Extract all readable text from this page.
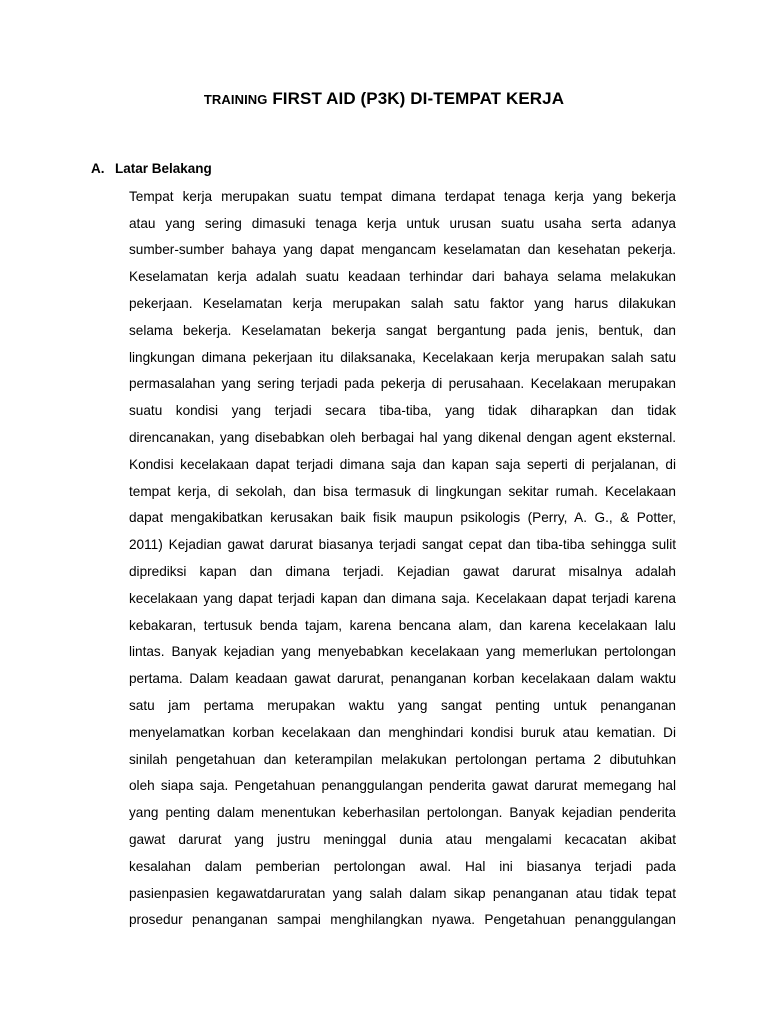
TRAINING FIRST AID (P3K) DI-TEMPAT KERJA
A. Latar Belakang
Tempat kerja merupakan suatu tempat dimana terdapat tenaga kerja yang bekerja
atau yang sering dimasuki tenaga kerja untuk urusan suatu usaha serta adanya
sumber-sumber bahaya yang dapat mengancam keselamatan dan kesehatan pekerja.
Keselamatan kerja adalah suatu keadaan terhindar dari bahaya selama melakukan
pekerjaan. Keselamatan kerja merupakan salah satu faktor yang harus dilakukan
selama bekerja. Keselamatan bekerja sangat bergantung pada jenis, bentuk, dan
lingkungan dimana pekerjaan itu dilaksanaka, Kecelakaan kerja merupakan salah satu
permasalahan yang sering terjadi pada pekerja di perusahaan. Kecelakaan merupakan
suatu kondisi yang terjadi secara tiba-tiba, yang tidak diharapkan dan tidak
direncanakan, yang disebabkan oleh berbagai hal yang dikenal dengan agent eksternal.
Kondisi kecelakaan dapat terjadi dimana saja dan kapan saja seperti di perjalanan, di
tempat kerja, di sekolah, dan bisa termasuk di lingkungan sekitar rumah. Kecelakaan
dapat mengakibatkan kerusakan baik fisik maupun psikologis (Perry, A. G., & Potter,
2011) Kejadian gawat darurat biasanya terjadi sangat cepat dan tiba-tiba sehingga sulit
diprediksi kapan dan dimana terjadi. Kejadian gawat darurat misalnya adalah
kecelakaan yang dapat terjadi kapan dan dimana saja. Kecelakaan dapat terjadi karena
kebakaran, tertusuk benda tajam, karena bencana alam, dan karena kecelakaan lalu
lintas. Banyak kejadian yang menyebabkan kecelakaan yang memerlukan pertolongan
pertama. Dalam keadaan gawat darurat, penanganan korban kecelakaan dalam waktu
satu jam pertama merupakan waktu yang sangat penting untuk penanganan
menyelamatkan korban kecelakaan dan menghindari kondisi buruk atau kematian. Di
sinilah pengetahuan dan keterampilan melakukan pertolongan pertama 2 dibutuhkan
oleh siapa saja. Pengetahuan penanggulangan penderita gawat darurat memegang hal
yang penting dalam menentukan keberhasilan pertolongan. Banyak kejadian penderita
gawat darurat yang justru meninggal dunia atau mengalami kecacatan akibat
kesalahan dalam pemberian pertolongan awal. Hal ini biasanya terjadi pada
pasienpasien kegawatdaruratan yang salah dalam sikap penanganan atau tidak tepat
prosedur penanganan sampai menghilangkan nyawa. Pengetahuan penanggulangan
